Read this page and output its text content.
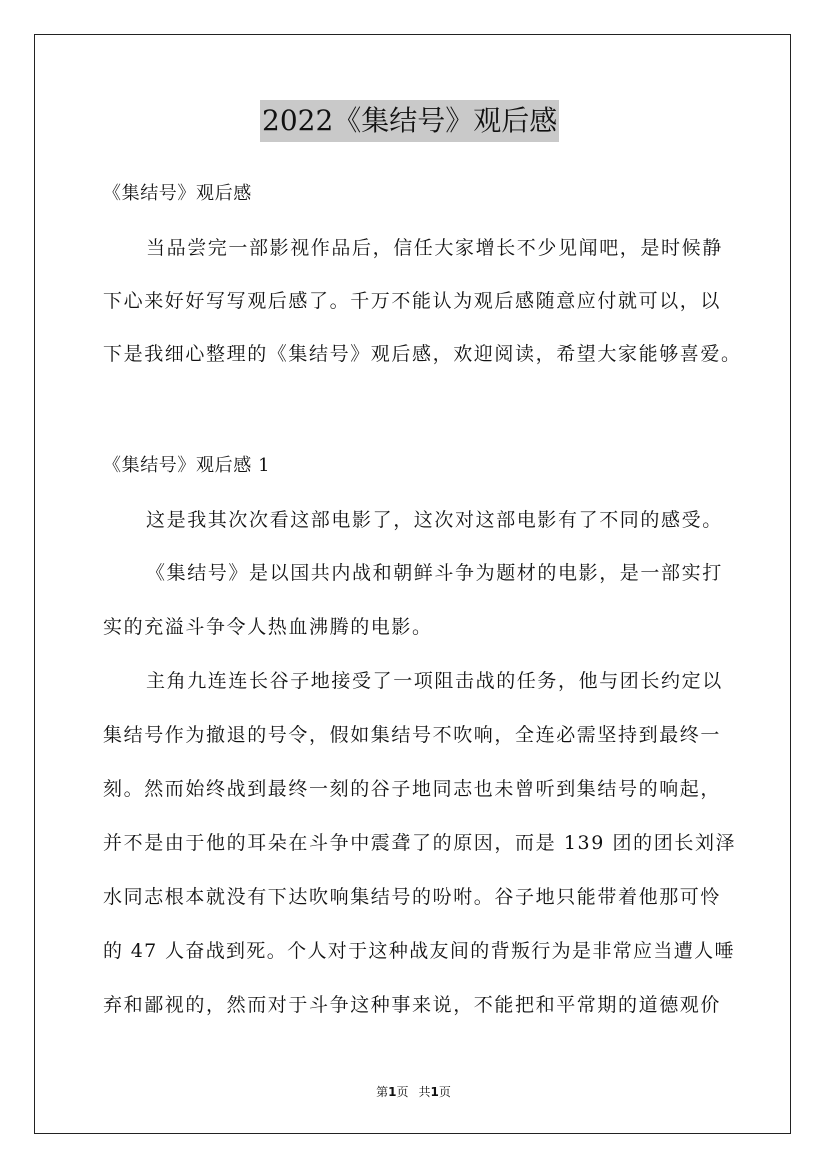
2022《集结号》观后感
《集结号》观后感
当品尝完一部影视作品后，信任大家增长不少见闻吧，是时候静
下心来好好写写观后感了。千万不能认为观后感随意应付就可以，以
下是我细心整理的《集结号》观后感，欢迎阅读，希望大家能够喜爱。
《集结号》观后感 1
这是我其次次看这部电影了，这次对这部电影有了不同的感受。
《集结号》是以国共内战和朝鲜斗争为题材的电影，是一部实打
实的充溢斗争令人热血沸腾的电影。
主角九连连长谷子地接受了一项阻击战的任务，他与团长约定以
集结号作为撤退的号令，假如集结号不吹响，全连必需坚持到最终一
刻。然而始终战到最终一刻的谷子地同志也未曾听到集结号的响起，
并不是由于他的耳朵在斗争中震聋了的原因，而是 139 团的团长刘泽
水同志根本就没有下达吹响集结号的吩咐。谷子地只能带着他那可怜
的 47 人奋战到死。个人对于这种战友间的背叛行为是非常应当遭人唾
弃和鄙视的，然而对于斗争这种事来说，不能把和平常期的道德观价
第1页 共1页
